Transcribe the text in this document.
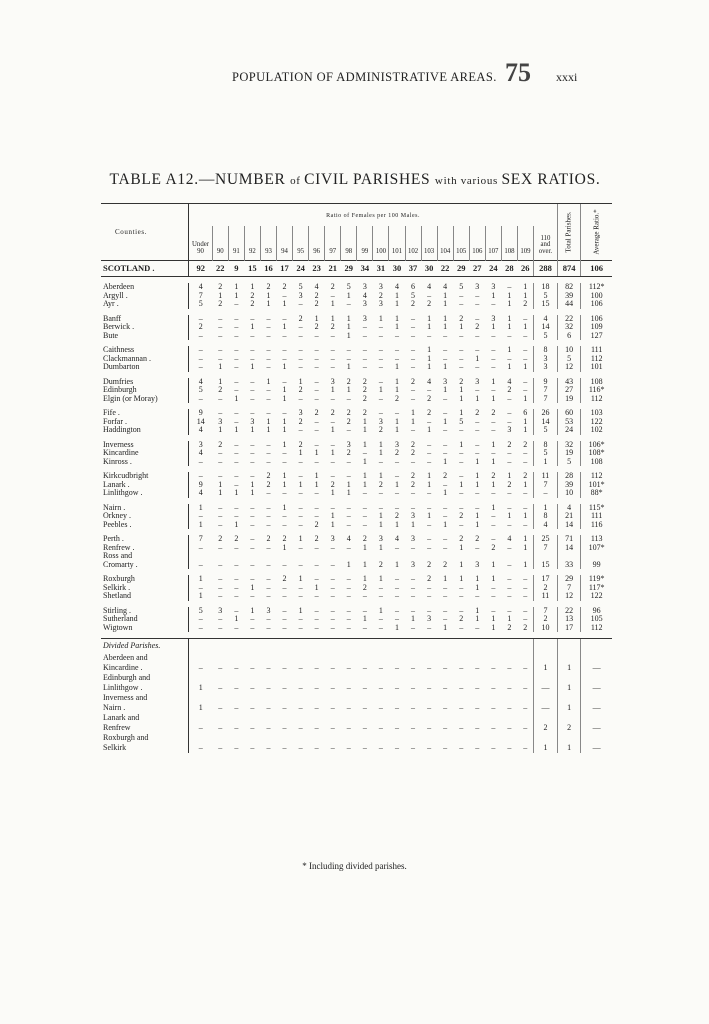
POPULATION OF ADMINISTRATIVE AREAS. 75 xxxi
TABLE A12.—NUMBER of CIVIL PARISHES with various SEX RATIOS.
Counties.	Ratio of Females per 100 Males.																						Total Parishes.	Average Ratio.*

	Under
90	90	91	92	93	94	95	96	97	98	99	100	101	102	103	104	105	106	107	108	109	110
and
over.		
SCOTLAND .	92	22	9	15	16	17	24	23	21	29	34	31	30	37	30	22	29	27	24	28	26	288	874	106

Aberdeen	4	2	1	1	2	2	5	4	2	5	3	3	4	6	4	4	5	3	3	–	1	18	82	112*
Argyll .	7	1	1	2	1	–	3	2	–	1	4	2	1	5	–	1	–	–	1	1	1	5	39	100
Ayr .	5	2	–	2	1	1	–	2	1	–	3	3	1	2	2	1	–	–	–	1	2	15	44	106

Banff	–	–	–	–	–	–	2	1	1	1	3	1	1	–	1	1	2	–	3	1	–	4	22	106
Berwick .	2	–	–	1	–	1	–	2	2	1	–	–	1	–	1	1	1	2	1	1	1	14	32	109
Bute	–	–	–	–	–	–	–	–	–	1	–	–	–	–	–	–	–	–	–	–	–	5	6	127

Caithness	–	–	–	–	–	–	–	–	–	–	–	–	–	–	1	–	–	–	–	1	–	8	10	111
Clackmannan .	–	–	–	–	–	–	–	–	–	–	–	–	–	–	1	–	–	1	–	–	–	3	5	112
Dumbarton	–	1	–	1	–	1	–	–	–	1	–	–	1	–	1	1	–	–	–	1	1	3	12	101

Dumfries	4	1	–	–	1	–	1	–	3	2	2	–	1	2	4	3	2	3	1	4	–	9	43	108
Edinburgh	5	2	–	–	–	1	2	–	1	1	2	1	1	–	–	1	1	–	–	2	–	7	27	116*
Elgin (or Moray)	–	–	1	–	–	1	–	–	–	–	2	–	2	–	2	–	1	1	1	–	1	7	19	112

Fife .	9	–	–	–	–	–	3	2	2	2	2	–	–	1	2	–	1	2	2	–	6	26	60	103
Forfar .	14	3	–	3	1	1	2	–	–	2	1	3	1	1	–	1	5	–	–	–	1	14	53	122
Haddington	4	1	1	1	1	1	–	–	1	–	1	2	1	–	1	–	–	–	–	3	1	5	24	102

Inverness	3	2	–	–	–	1	2	–	–	3	1	1	3	2	–	–	1	–	1	2	2	8	32	106*
Kincardine	4	–	–	–	–	–	1	1	1	2	–	1	2	2	–	–	–	–	–	–	–	5	19	108*
Kinross .	–	–	–	–	–	–	–	–	–	–	1	–	–	–	–	1	–	1	1	–	–	1	5	108

Kirkcudbright	–	–	–	–	2	1	–	1	–	–	1	1	–	2	1	2	–	1	2	1	2	11	28	112
Lanark .	9	1	–	1	2	1	1	1	2	1	1	2	1	2	1	–	1	1	1	2	1	7	39	101*
Linlithgow .	4	1	1	1	–	–	–	–	1	1	–	–	–	–	–	1	–	–	–	–	–	–	10	88*

Nairn .	1	–	–	–	–	1	–	–	–	–	–	–	–	–	–	–	–	–	1	–	–	1	4	115*
Orkney .	–	–	–	–	–	–	–	–	1	–	–	1	2	3	1	–	2	1	–	1	1	8	21	111
Peebles .	1	–	1	–	–	–	–	2	1	–	–	1	1	1	–	1	–	1	–	–	–	4	14	116

Perth .	7	2	2	–	2	2	1	2	3	4	2	3	4	3	–	–	2	2	–	4	1	25	71	113
Renfrew .	–	–	–	–	–	1	–	–	–	–	1	1	–	–	–	–	1	–	2	–	1	7	14	107*
Ross and																								
Cromarty .	–	–	–	–	–	–	–	–	–	1	1	2	1	3	2	2	1	3	1	–	1	15	33	99

Roxburgh	1	–	–	–	–	2	1	–	–	–	1	1	–	–	2	1	1	1	1	–	–	17	29	119*
Selkirk .	–	–	–	1	–	–	–	1	–	–	2	–	–	–	–	–	–	1	–	–	–	2	7	117*
Shetland	1	–	–	–	–	–	–	–	–	–	–	–	–	–	–	–	–	–	–	–	–	11	12	122

Stirling .	5	3	–	1	3	–	1	–	–	–	–	1	–	–	–	–	–	1	–	–	–	7	22	96
Sutherland	–	–	1	–	–	–	–	–	–	–	1	–	–	1	3	–	2	1	1	1	–	2	13	105
Wigtown	–	–	–	–	–	–	–	–	–	–	–	–	1	–	–	1	–	–	1	2	2	10	17	112

Divided Parishes.																								
Aberdeen and																								
Kincardine .	–	–	–	–	–	–	–	–	–	–	–	–	–	–	–	–	–	–	–	–	–	1	1	—
Edinburgh and																								
Linlithgow .	1	–	–	–	–	–	–	–	–	–	–	–	–	–	–	–	–	–	–	–	–	—	1	—
Inverness and																								
Nairn .	1	–	–	–	–	–	–	–	–	–	–	–	–	–	–	–	–	–	–	–	–	—	1	—
Lanark and																								
Renfrew	–	–	–	–	–	–	–	–	–	–	–	–	–	–	–	–	–	–	–	–	–	2	2	—
Roxburgh and																								
Selkirk	–	–	–	–	–	–	–	–	–	–	–	–	–	–	–	–	–	–	–	–	–	1	1	—
* Including divided parishes.
